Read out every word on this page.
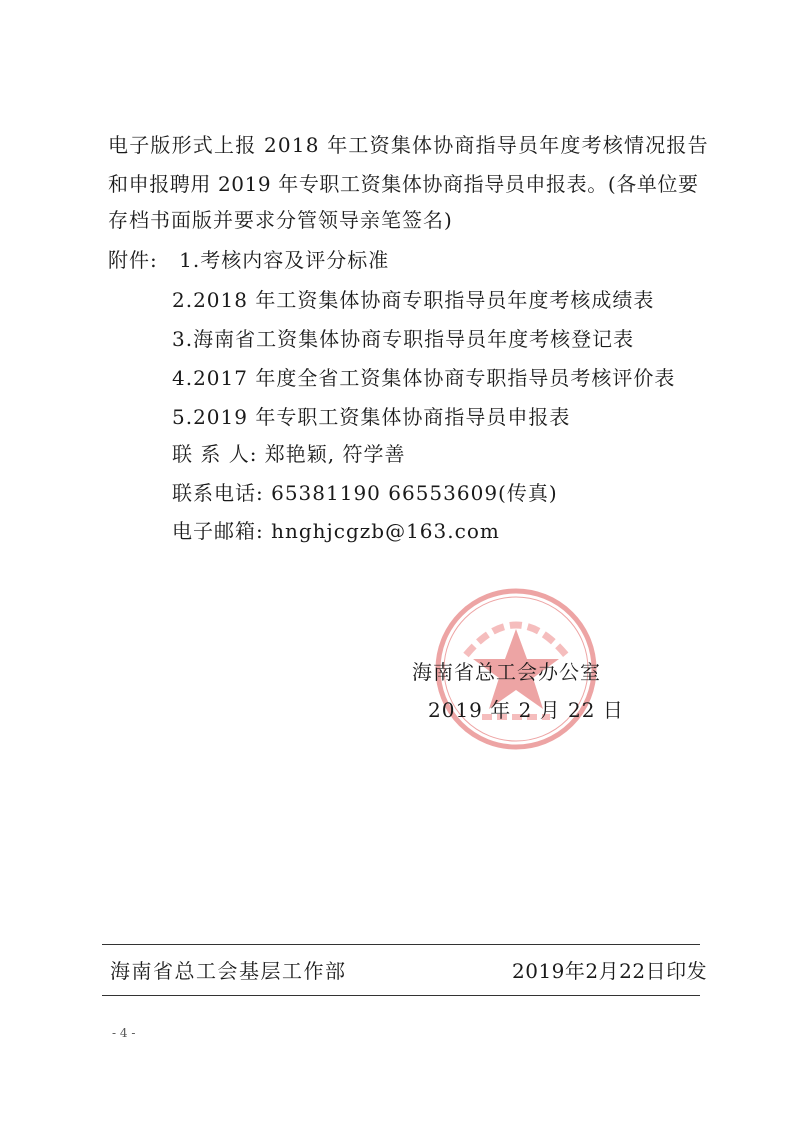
电子版形式上报 2018 年工资集体协商指导员年度考核情况报告
和申报聘用 2019 年专职工资集体协商指导员申报表。(各单位要
存档书面版并要求分管领导亲笔签名)
附件: 1.考核内容及评分标准
2.2018 年工资集体协商专职指导员年度考核成绩表
3.海南省工资集体协商专职指导员年度考核登记表
4.2017 年度全省工资集体协商专职指导员考核评价表
5.2019 年专职工资集体协商指导员申报表
联 系 人: 郑艳颖, 符学善
联系电话: 65381190 66553609(传真)
电子邮箱: hnghjcgzb@163.com
海南省总工会办公室
2019 年 2 月 22 日
海南省总工会基层工作部	2019年2月22日印发
- 4 -
